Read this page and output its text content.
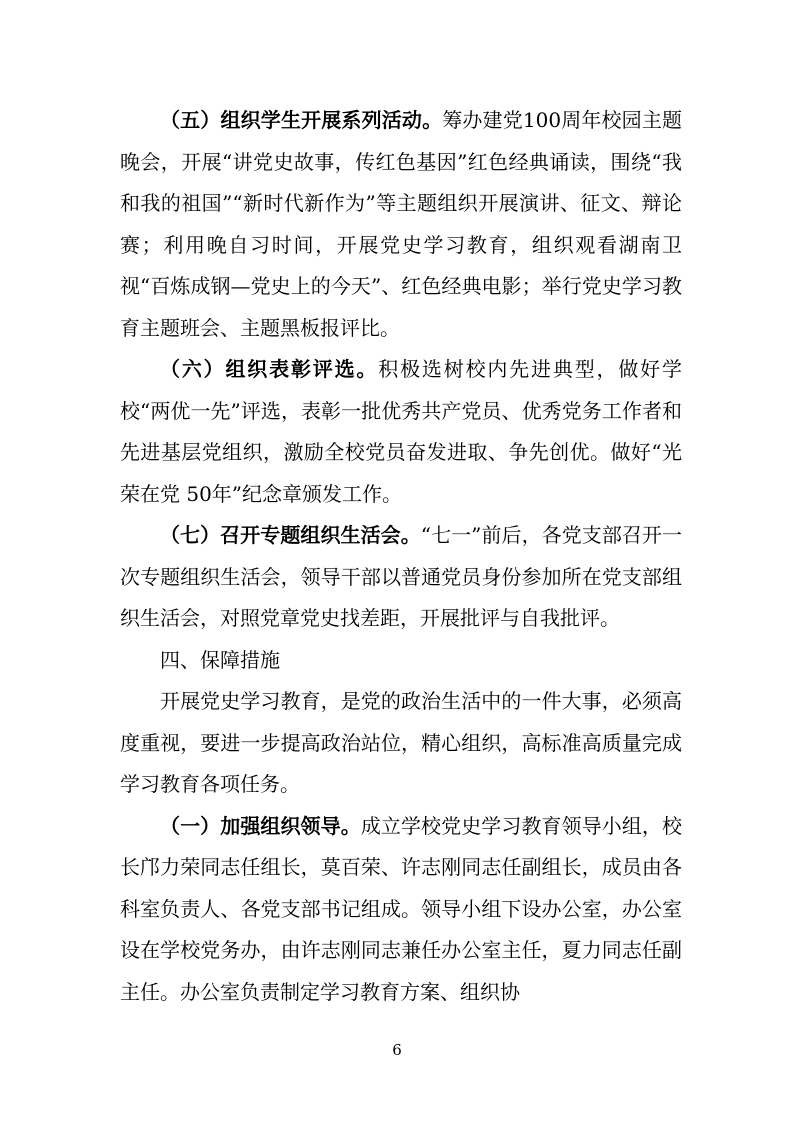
（五）组织学生开展系列活动。筹办建党100周年校园主题晚会，开展“讲党史故事，传红色基因”红色经典诵读，围绕“我和我的祖国”“新时代新作为”等主题组织开展演讲、征文、辩论赛；利用晚自习时间，开展党史学习教育，组织观看湖南卫视“百炼成钢—党史上的今天”、红色经典电影；举行党史学习教育主题班会、主题黑板报评比。

（六）组织表彰评选。积极选树校内先进典型，做好学校“两优一先”评选，表彰一批优秀共产党员、优秀党务工作者和先进基层党组织，激励全校党员奋发进取、争先创优。做好“光荣在党 50年”纪念章颁发工作。

（七）召开专题组织生活会。“七一”前后，各党支部召开一次专题组织生活会，领导干部以普通党员身份参加所在党支部组织生活会，对照党章党史找差距，开展批评与自我批评。

四、保障措施

开展党史学习教育，是党的政治生活中的一件大事，必须高度重视，要进一步提高政治站位，精心组织，高标准高质量完成学习教育各项任务。

（一）加强组织领导。成立学校党史学习教育领导小组，校长邝力荣同志任组长，莫百荣、许志刚同志任副组长，成员由各科室负责人、各党支部书记组成。领导小组下设办公室，办公室设在学校党务办，由许志刚同志兼任办公室主任，夏力同志任副主任。办公室负责制定学习教育方案、组织协

6
